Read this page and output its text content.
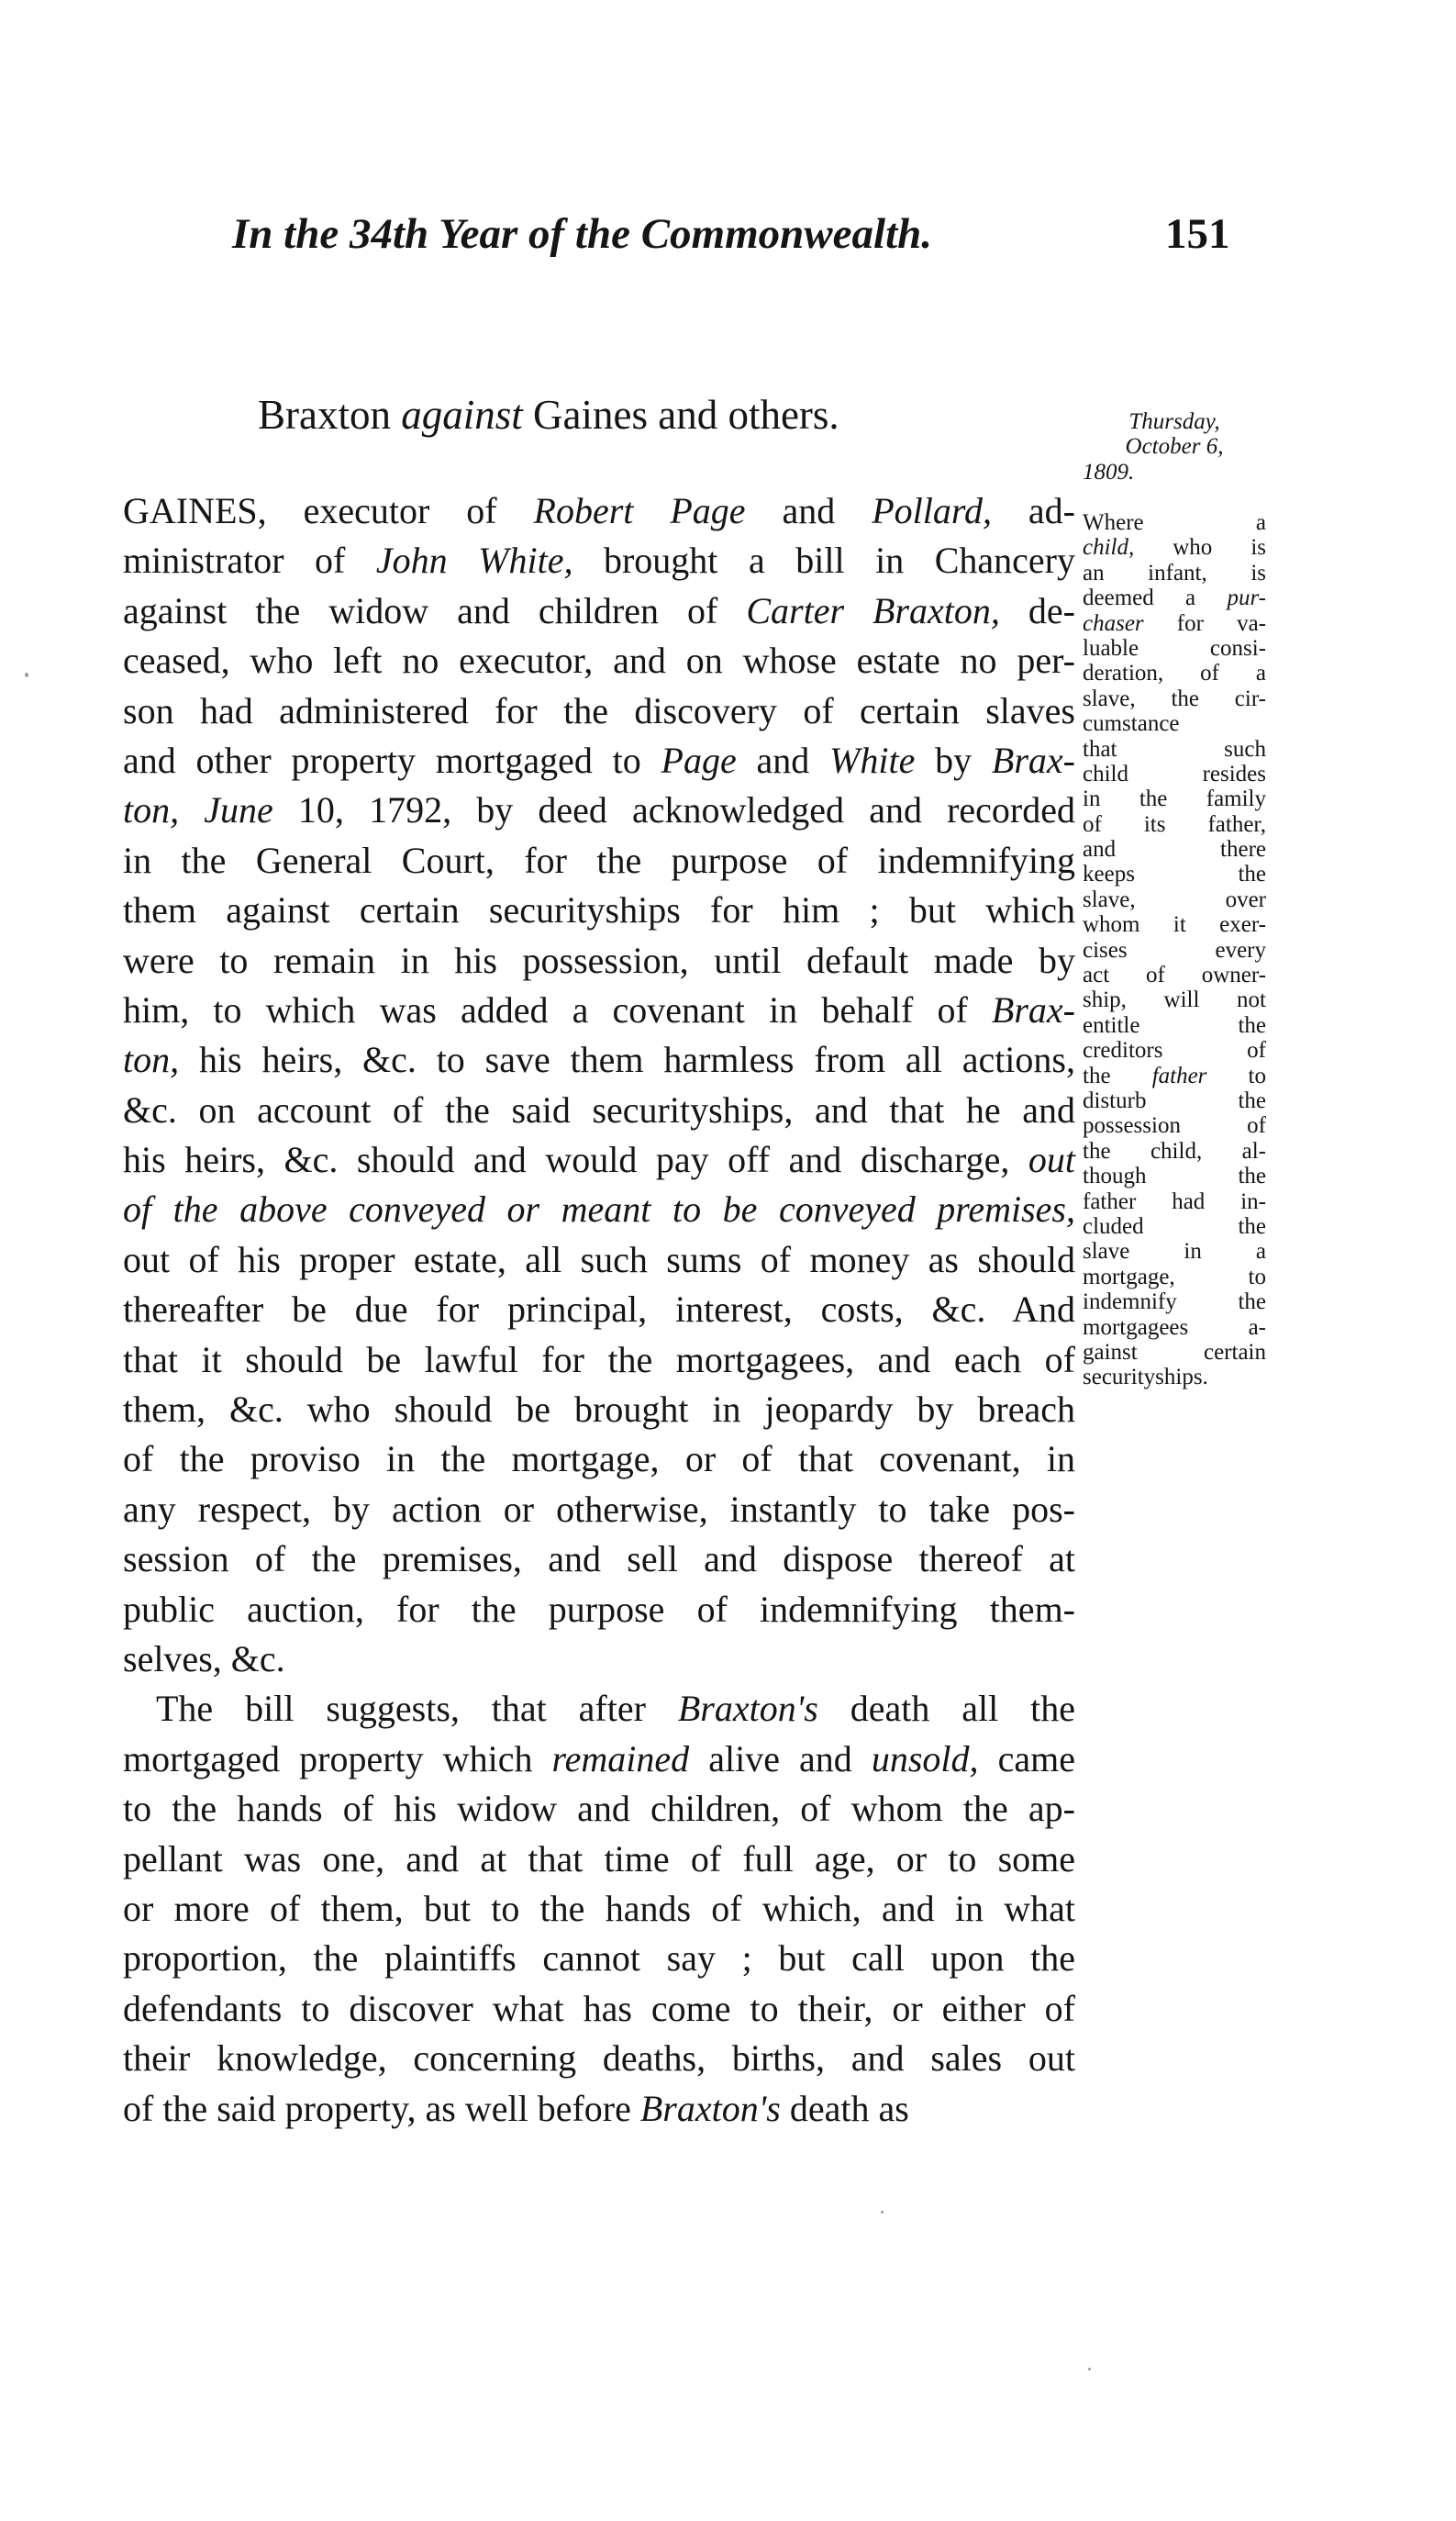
In the 34th Year of the Commonwealth.	151
Braxton against Gaines and others.	Thursday,
October 6,
1809.
Where a
child, who is
an infant, is
deemed a pur-
chaser for va-
luable consi-
deration, of a
slave, the cir-
cumstance
that such
child resides
in the family
of its father,
and there
keeps the
slave, over
whom it exer-
cises every
act of owner-
ship, will not
entitle the
creditors of
the father to
disturb the
possession of
the child, al-
though the
father had in-
cluded the
slave in a
mortgage, to
indemnify the
mortgagees a-
gainst certain
securityships.
GAINES, executor of Robert Page and Pollard, ad-
ministrator of John White, brought a bill in Chancery
against the widow and children of Carter Braxton, de-
ceased, who left no executor, and on whose estate no per-
son had administered for the discovery of certain slaves
and other property mortgaged to Page and White by Brax-
ton, June 10, 1792, by deed acknowledged and recorded
in the General Court, for the purpose of indemnifying
them against certain securityships for him ; but which
were to remain in his possession, until default made by
him, to which was added a covenant in behalf of Brax-
ton, his heirs, &c. to save them harmless from all actions,
&c. on account of the said securityships, and that he and
his heirs, &c. should and would pay off and discharge, out
of the above conveyed or meant to be conveyed premises,
out of his proper estate, all such sums of money as should
thereafter be due for principal, interest, costs, &c. And
that it should be lawful for the mortgagees, and each of
them, &c. who should be brought in jeopardy by breach
of the proviso in the mortgage, or of that covenant, in
any respect, by action or otherwise, instantly to take pos-
session of the premises, and sell and dispose thereof at
public auction, for the purpose of indemnifying them-
selves, &c.
The bill suggests, that after Braxton's death all the
mortgaged property which remained alive and unsold, came
to the hands of his widow and children, of whom the ap-
pellant was one, and at that time of full age, or to some
or more of them, but to the hands of which, and in what
proportion, the plaintiffs cannot say ; but call upon the
defendants to discover what has come to their, or either of
their knowledge, concerning deaths, births, and sales out
of the said property, as well before Braxton's death as
